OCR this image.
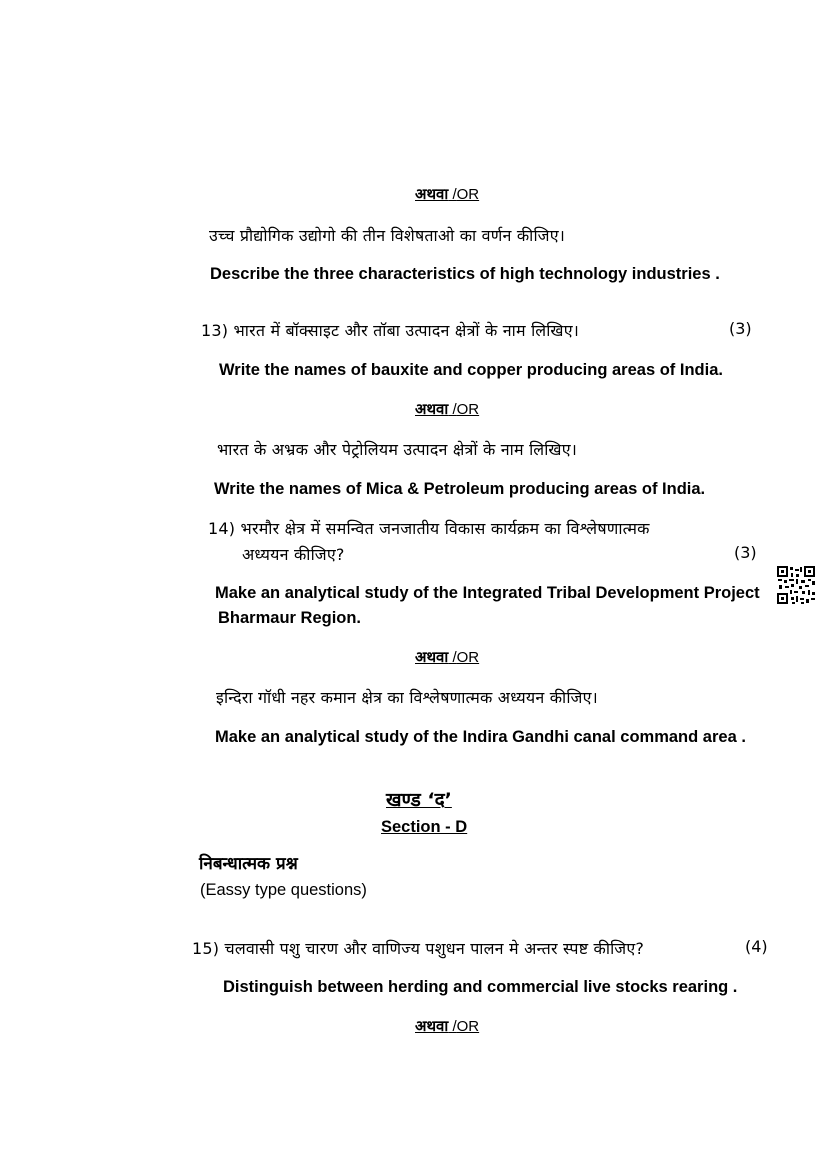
अथवा /OR
उच्च प्रौद्योगिक उद्योगो की तीन विशेषताओ का वर्णन कीजिए।
Describe the three characteristics of high technology industries .
13) भारत में बॉक्साइट और तॉबा उत्पादन क्षेत्रों के नाम लिखिए।	(3)
Write the names of bauxite and copper producing areas of India.
अथवा /OR
भारत के अभ्रक और पेट्रोलियम उत्पादन क्षेत्रों के नाम लिखिए।
Write the names of Mica & Petroleum producing areas of India.
14) भरमौर क्षेत्र में समन्वित जनजातीय विकास कार्यक्रम का विश्लेषणात्मक
अध्ययन कीजिए?	(3)
Make an analytical study of the Integrated Tribal Development Project
Bharmaur Region.
अथवा /OR
इन्दिरा गॉधी नहर कमान क्षेत्र का विश्लेषणात्मक अध्ययन कीजिए।
Make an analytical study of the Indira Gandhi canal command area .
खण्ड ‘द’
Section - D
निबन्धात्मक प्रश्न
(Eassy type questions)
15) चलवासी पशु चारण और वाणिज्य पशुधन पालन मे अन्तर स्पष्ट कीजिए?	(4)
Distinguish between herding and commercial live stocks rearing .
अथवा /OR
